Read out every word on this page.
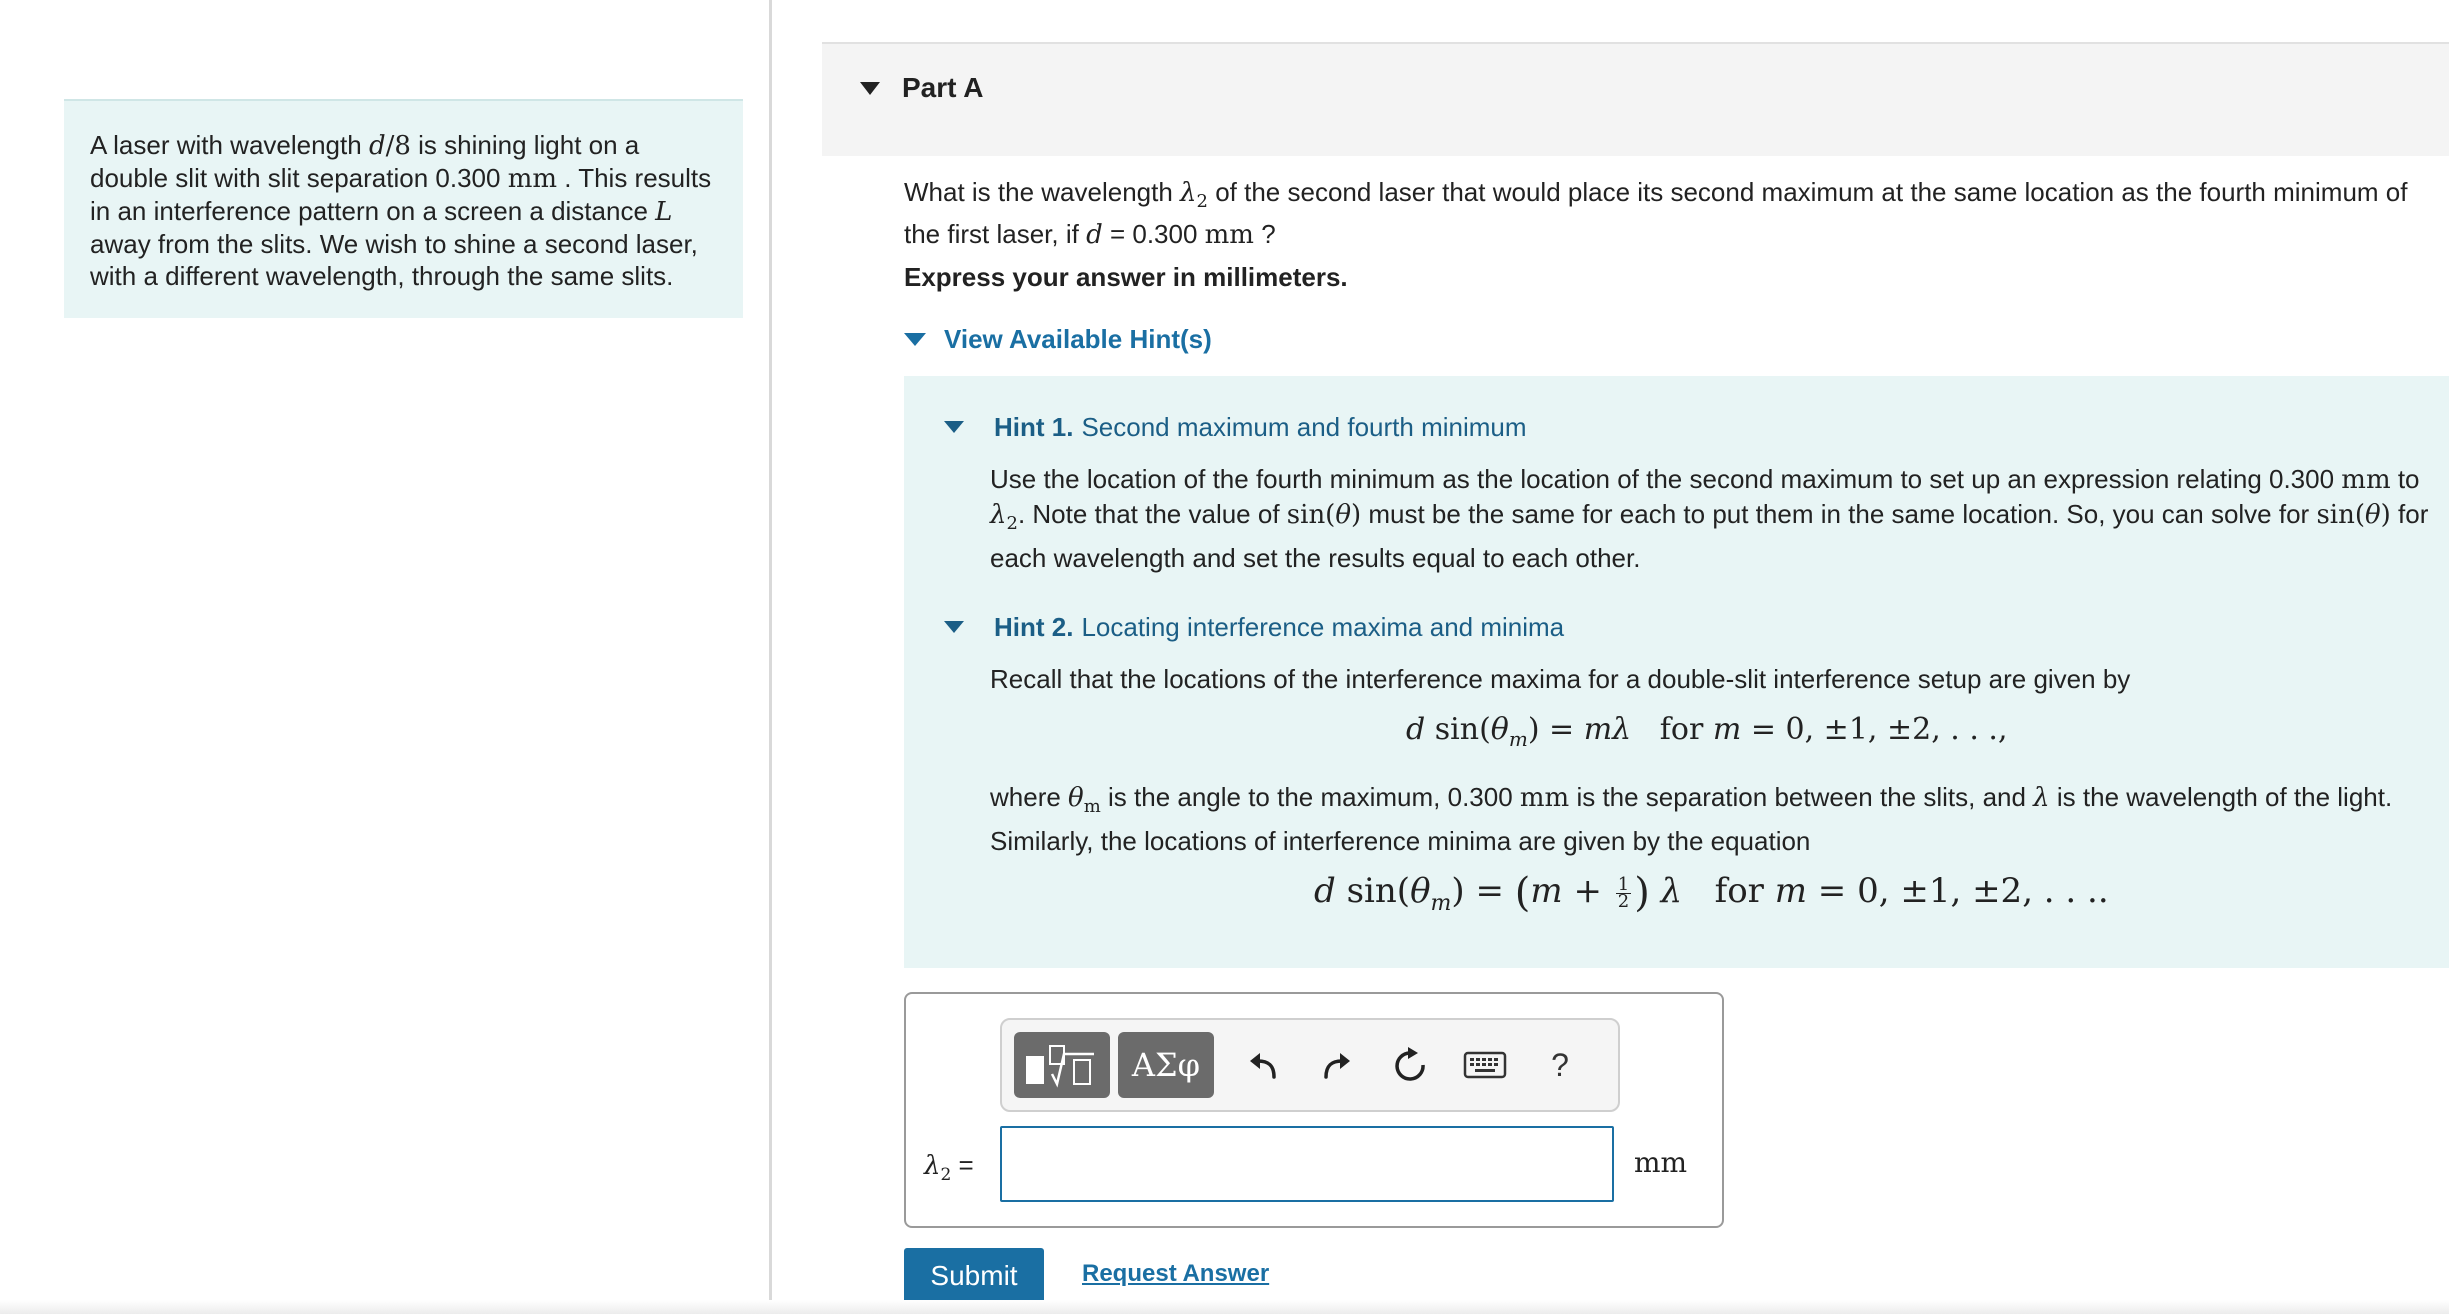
A laser with wavelength d/8 is shining light on a double slit with slit separation 0.300 mm . This results in an interference pattern on a screen a distance L away from the slits. We wish to shine a second laser, with a different wavelength, through the same slits.
Part A
What is the wavelength $\lambda_2$ of the second laser that would place its second maximum at the same location as the fourth minimum of the first laser, if d = 0.300 mm ?
Express your answer in millimeters.
View Available Hint(s)
Hint 1. Second maximum and fourth minimum
Use the location of the fourth minimum as the location of the second maximum to set up an expression relating 0.300 mm to $\lambda_2$. Note that the value of sin(θ) must be the same for each to put them in the same location. So, you can solve for sin(θ) for each wavelength and set the results equal to each other.
Hint 2. Locating interference maxima and minima
Recall that the locations of the interference maxima for a double-slit interference setup are given by
d $\sin(\theta_m) = m\lambda$   for m = 0, ±1, ±2, . . .,
where $\theta_m$ is the angle to the maximum, 0.300 mm is the separation between the slits, and λ is the wavelength of the light. Similarly, the locations of interference minima are given by the equation
d $\sin(\theta_m) = (m + \frac{1}{2}$ ) λ   for m = 0, ±1, ±2, . . ..
ΑΣφ	?
$\lambda_2$ =	mm
Submit	Request Answer
